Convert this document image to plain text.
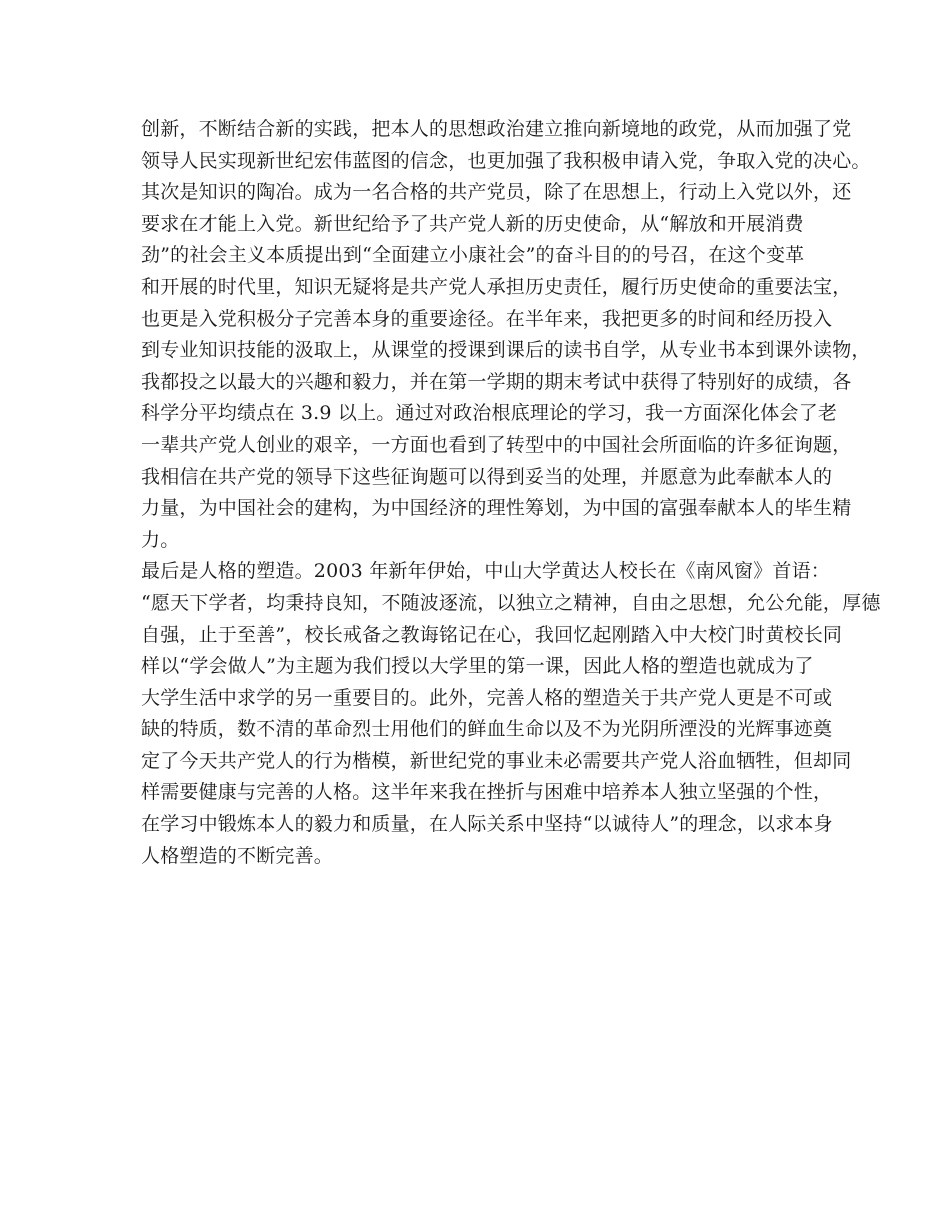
创新，不断结合新的实践，把本人的思想政治建立推向新境地的政党，从而加强了党
领导人民实现新世纪宏伟蓝图的信念，也更加强了我积极申请入党，争取入党的决心。
其次是知识的陶冶。成为一名合格的共产党员，除了在思想上，行动上入党以外，还
要求在才能上入党。新世纪给予了共产党人新的历史使命，从“解放和开展消费
劲”的社会主义本质提出到“全面建立小康社会”的奋斗目的的号召，在这个变革
和开展的时代里，知识无疑将是共产党人承担历史责任，履行历史使命的重要法宝，
也更是入党积极分子完善本身的重要途径。在半年来，我把更多的时间和经历投入
到专业知识技能的汲取上，从课堂的授课到课后的读书自学，从专业书本到课外读物，
我都投之以最大的兴趣和毅力，并在第一学期的期末考试中获得了特别好的成绩，各
科学分平均绩点在 3.9 以上。通过对政治根底理论的学习，我一方面深化体会了老
一辈共产党人创业的艰辛，一方面也看到了转型中的中国社会所面临的许多征询题，
我相信在共产党的领导下这些征询题可以得到妥当的处理，并愿意为此奉献本人的
力量，为中国社会的建构，为中国经济的理性筹划，为中国的富强奉献本人的毕生精
力。
最后是人格的塑造。2003 年新年伊始，中山大学黄达人校长在《南风窗》首语：
“愿天下学者，均秉持良知，不随波逐流，以独立之精神，自由之思想，允公允能，厚德
自强，止于至善”，校长戒备之教诲铭记在心，我回忆起刚踏入中大校门时黄校长同
样以“学会做人”为主题为我们授以大学里的第一课，因此人格的塑造也就成为了
大学生活中求学的另一重要目的。此外，完善人格的塑造关于共产党人更是不可或
缺的特质，数不清的革命烈士用他们的鲜血生命以及不为光阴所湮没的光辉事迹奠
定了今天共产党人的行为楷模，新世纪党的事业未必需要共产党人浴血牺牲，但却同
样需要健康与完善的人格。这半年来我在挫折与困难中培养本人独立坚强的个性，
在学习中锻炼本人的毅力和质量，在人际关系中坚持“以诚待人”的理念，以求本身
人格塑造的不断完善。
